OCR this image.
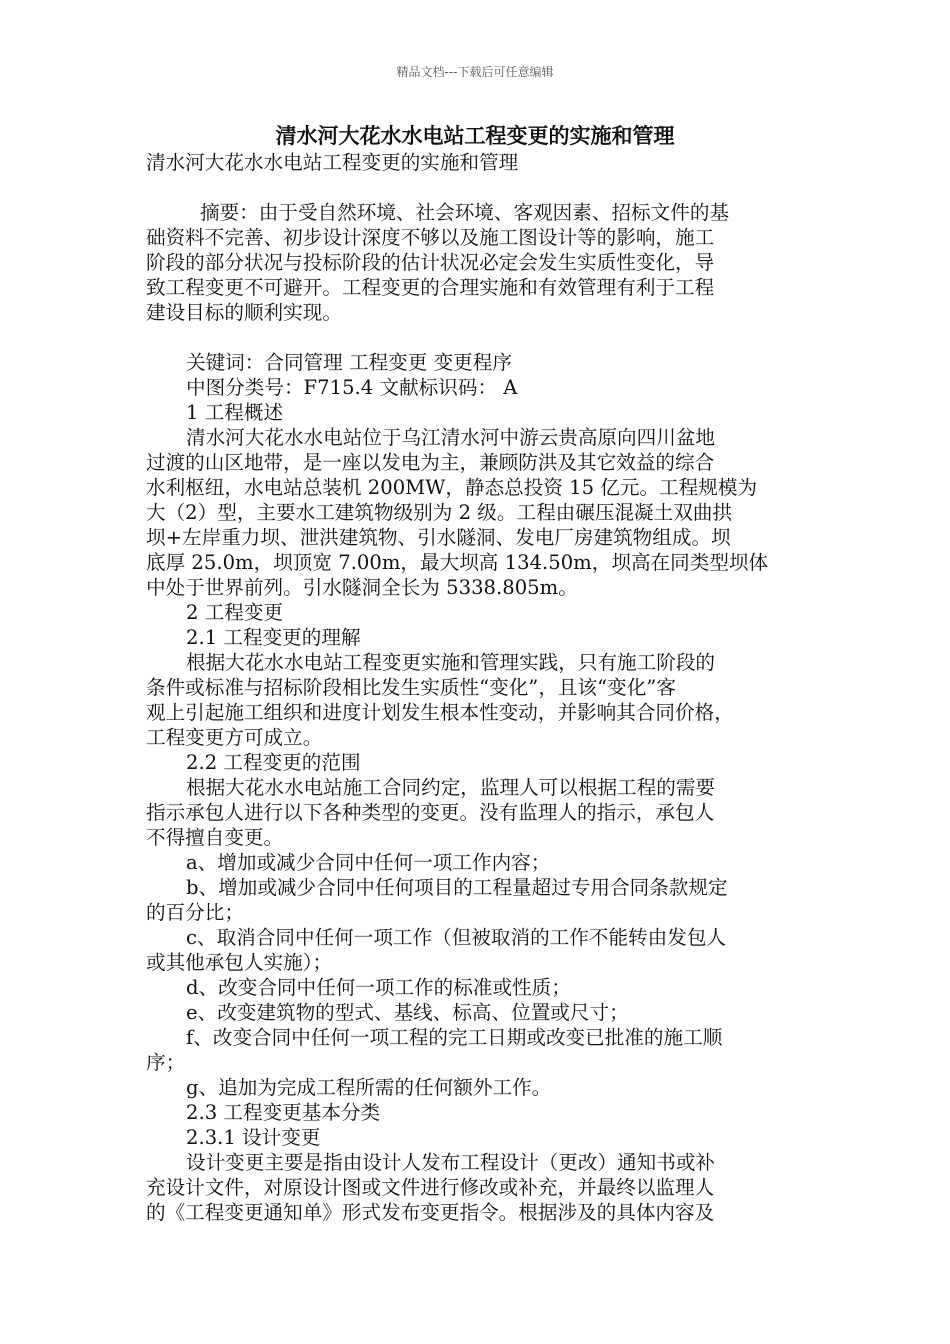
精品文档---下载后可任意编辑
清水河大花水水电站工程变更的实施和管理

清水河大花水水电站工程变更的实施和管理

摘要：由于受自然环境、社会环境、客观因素、招标文件的基

础资料不完善、初步设计深度不够以及施工图设计等的影响，施工

阶段的部分状况与投标阶段的估计状况必定会发生实质性变化，导

致工程变更不可避开。工程变更的合理实施和有效管理有利于工程

建设目标的顺利实现。

关键词：合同管理 工程变更 变更程序

中图分类号：F715.4 文献标识码： A

1 工程概述

清水河大花水水电站位于乌江清水河中游云贵高原向四川盆地

过渡的山区地带，是一座以发电为主，兼顾防洪及其它效益的综合

水利枢纽，水电站总装机 200MW，静态总投资 15 亿元。工程规模为

大（2）型，主要水工建筑物级别为 2 级。工程由碾压混凝土双曲拱

坝+左岸重力坝、泄洪建筑物、引水隧洞、发电厂房建筑物组成。坝

底厚 25.0m，坝顶宽 7.00m，最大坝高 134.50m，坝高在同类型坝体

中处于世界前列。引水隧洞全长为 5338.805m。

2 工程变更

2.1 工程变更的理解

根据大花水水电站工程变更实施和管理实践，只有施工阶段的

条件或标准与招标阶段相比发生实质性“变化”，且该“变化”客

观上引起施工组织和进度计划发生根本性变动，并影响其合同价格，

工程变更方可成立。

2.2 工程变更的范围

根据大花水水电站施工合同约定，监理人可以根据工程的需要

指示承包人进行以下各种类型的变更。没有监理人的指示，承包人

不得擅自变更。

a、增加或减少合同中任何一项工作内容；

b、增加或减少合同中任何项目的工程量超过专用合同条款规定

的百分比；

c、取消合同中任何一项工作（但被取消的工作不能转由发包人

或其他承包人实施）；

d、改变合同中任何一项工作的标准或性质；

e、改变建筑物的型式、基线、标高、位置或尺寸；

f、改变合同中任何一项工程的完工日期或改变已批准的施工顺

序；

g、追加为完成工程所需的任何额外工作。

2.3 工程变更基本分类

2.3.1 设计变更

设计变更主要是指由设计人发布工程设计（更改）通知书或补

充设计文件，对原设计图或文件进行修改或补充，并最终以监理人

的《工程变更通知单》形式发布变更指令。根据涉及的具体内容及
